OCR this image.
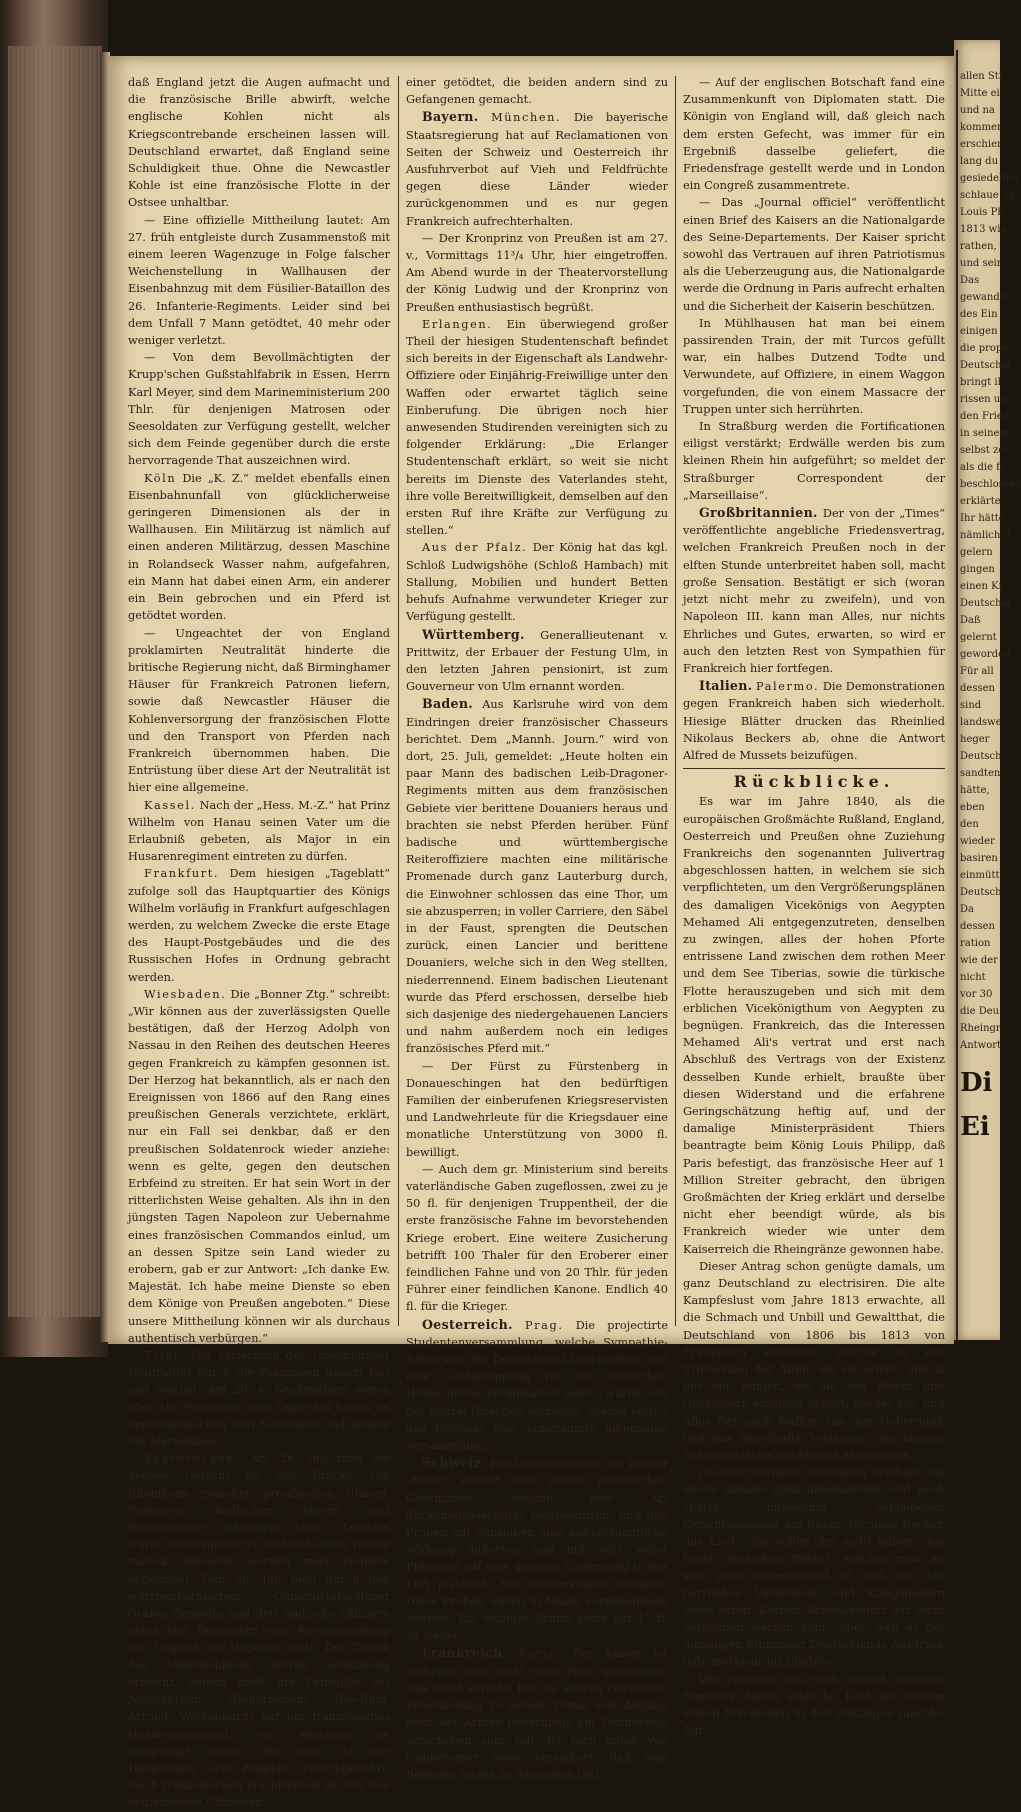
daß England jetzt die Augen aufmacht und die französische Brille abwirft, welche englische Kohlen nicht als Kriegscontrebande erscheinen lassen will. Deutschland erwartet, daß England seine Schuldigkeit thue. Ohne die Newcastler Kohle ist eine französische Flotte in der Ostsee unhaltbar.

— Eine offizielle Mittheilung lautet: Am 27. früh entgleiste durch Zusammenstoß mit einem leeren Wagenzuge in Folge falscher Weichenstellung in Wallhausen der Eisenbahnzug mit dem Füsilier-Bataillon des 26. Infanterie-Regiments. Leider sind bei dem Unfall 7 Mann getödtet, 40 mehr oder weniger verletzt.

— Von dem Bevollmächtigten der Krupp'schen Gußstahlfabrik in Essen, Herrn Karl Meyer, sind dem Marineministerium 200 Thlr. für denjenigen Matrosen oder Seesoldaten zur Verfügung gestellt, welcher sich dem Feinde gegenüber durch die erste hervorragende That auszeichnen wird.

Köln Die „K. Z.“ meldet ebenfalls einen Eisenbahnunfall von glücklicherweise geringeren Dimensionen als der in Wallhausen. Ein Militärzug ist nämlich auf einen anderen Militärzug, dessen Maschine in Rolandseck Wasser nahm, aufgefahren, ein Mann hat dabei einen Arm, ein anderer ein Bein gebrochen und ein Pferd ist getödtet worden.

— Ungeachtet der von England proklamirten Neutralität hinderte die britische Regierung nicht, daß Birminghamer Häuser für Frankreich Patronen liefern, sowie daß Newcastler Häuser die Kohlenversorgung der französischen Flotte und den Transport von Pferden nach Frankreich übernommen haben. Die Entrüstung über diese Art der Neutralität ist hier eine allgemeine.

Kassel. Nach der „Hess. M.-Z.“ hat Prinz Wilhelm von Hanau seinen Vater um die Erlaubniß gebeten, als Major in ein Husarenregiment eintreten zu dürfen.

Frankfurt. Dem hiesigen „Tageblatt“ zufolge soll das Hauptquartier des Königs Wilhelm vorläufig in Frankfurt aufgeschlagen werden, zu welchem Zwecke die erste Etage des Haupt-Postgebäudes und die des Russischen Hofes in Ordnung gebracht werden.

Wiesbaden. Die „Bonner Ztg.“ schreibt: „Wir können aus der zuverlässigsten Quelle bestätigen, daß der Herzog Adolph von Nassau in den Reihen des deutschen Heeres gegen Frankreich zu kämpfen gesonnen ist. Der Herzog hat bekanntlich, als er nach den Ereignissen von 1866 auf den Rang eines preußischen Generals verzichtete, erklärt, nur ein Fall sei denkbar, daß er den preußischen Soldatenrock wieder anziehe: wenn es gelte, gegen den deutschen Erbfeind zu streiten. Er hat sein Wort in der ritterlichsten Weise gehalten. Als ihn in den jüngsten Tagen Napoleon zur Uebernahme eines französischen Commandos einlud, um an dessen Spitze sein Land wieder zu erobern, gab er zur Antwort: „Ich danke Ew. Majestät. Ich habe meine Dienste so eben dem Könige von Preußen angeboten.“ Diese unsere Mittheilung können wir als durchaus authentisch verbürgen.“

Trier. Die Verletzung der Luxemburger Neutralität durch die Franzosen dauert fort und wächst. Am 26. v. Nachmittags waren über 100 Franzosen vom Lager bei Sierck im luxemburgischen Dorf Schlengen und sangen die Marseillaise.

Saarbrücken. Am 26. Juli fand ein kleines Gefecht an der Brücke von Rheinheim zwischen preußischen Ulanen, Pionieren, badischen Jägern und französischer Infanterie statt; Letztere wurde zurückgeworfen und ließ einen Todten zurück, diesseits wurden zwei Pioniere verwundet. Den 26. Juli fand durch den württembergischen Generalstabsoffizier Grafen Zeppelin und drei badische Offiziere nebst vier Dragonern eine Recognoscirung der Gegend um Hagenau statt. Der Zweck des Unternehmens wurde vollständig erreicht, jedoch stieß die Patrouille bei Niederbronn (Departement Bas-Rhin, Arrond. Weißenburg) auf ein französisches Husarenregiment, von welchem sie zersprengt wurde. Bis jetzt ist nur Hauptmann Graf Zeppelin zurückgekehrt. Nach französischen Nachrichten ist von den begleitenden Offizieren

einer getödtet, die beiden andern sind zu Gefangenen gemacht.

Bayern. München. Die bayerische Staatsregierung hat auf Reclamationen von Seiten der Schweiz und Oesterreich ihr Ausfuhrverbot auf Vieh und Feldfrüchte gegen diese Länder wieder zurückgenommen und es nur gegen Frankreich aufrechterhalten.

— Der Kronprinz von Preußen ist am 27. v., Vormittags 11³/₄ Uhr, hier eingetroffen. Am Abend wurde in der Theatervorstellung der König Ludwig und der Kronprinz von Preußen enthusiastisch begrüßt.

Erlangen. Ein überwiegend großer Theil der hiesigen Studentenschaft befindet sich bereits in der Eigenschaft als Landwehr-Offiziere oder Einjährig-Freiwillige unter den Waffen oder erwartet täglich seine Einberufung. Die übrigen noch hier anwesenden Studirenden vereinigten sich zu folgender Erklärung: „Die Erlanger Studentenschaft erklärt, so weit sie nicht bereits im Dienste des Vaterlandes steht, ihre volle Bereitwilligkeit, demselben auf den ersten Ruf ihre Kräfte zur Verfügung zu stellen.“

Aus der Pfalz. Der König hat das kgl. Schloß Ludwigshöhe (Schloß Hambach) mit Stallung, Mobilien und hundert Betten behufs Aufnahme verwundeter Krieger zur Verfügung gestellt.

Württemberg. Generallieutenant v. Prittwitz, der Erbauer der Festung Ulm, in den letzten Jahren pensionirt, ist zum Gouverneur von Ulm ernannt worden.

Baden. Aus Karlsruhe wird von dem Eindringen dreier französischer Chasseurs berichtet. Dem „Mannh. Journ.“ wird von dort, 25. Juli, gemeldet: „Heute holten ein paar Mann des badischen Leib-Dragoner-Regiments mitten aus dem französischen Gebiete vier berittene Douaniers heraus und brachten sie nebst Pferden herüber. Fünf badische und württembergische Reiteroffiziere machten eine militärische Promenade durch ganz Lauterburg durch, die Einwohner schlossen das eine Thor, um sie abzusperren; in voller Carriere, den Säbel in der Faust, sprengten die Deutschen zurück, einen Lancier und berittene Douaniers, welche sich in den Weg stellten, niederrennend. Einem badischen Lieutenant wurde das Pferd erschossen, derselbe hieb sich dasjenige des niedergehauenen Lanciers und nahm außerdem noch ein lediges französisches Pferd mit.“

— Der Fürst zu Fürstenberg in Donaueschingen hat den bedürftigen Familien der einberufenen Kriegsreservisten und Landwehrleute für die Kriegsdauer eine monatliche Unterstützung von 3000 fl. bewilligt.

— Auch dem gr. Ministerium sind bereits vaterländische Gaben zugeflossen, zwei zu je 50 fl. für denjenigen Truppentheil, der die erste französische Fahne im bevorstehenden Kriege erobert. Eine weitere Zusicherung betrifft 100 Thaler für den Eroberer einer feindlichen Fahne und von 20 Thlr. für jeden Führer einer feindlichen Kanone. Endlich 40 fl. für die Krieger.

Oesterreich. Prag. Die projectirte Studentenversammlung, welche Sympathie-Erklärung für Deutschland beschließen und eine Geldsammlung für die deutschen Hülfscomites veranstalten sollte, wurde von der Polizei-Direction verboten, ebenso verbot das Rectorat eine anberaumte allgemeine Versammlung.

Schweiz. Ein Correspondent des Berner „Bund“ erfährt von neuen preußischen Geschützen, welche eine Art Shrapnellsgeschütze repräsentiren, und daß Proben mit denselben eine außerordentliche Wirkung äußerten und mit sehr vieler Präcision auf eine gewisse Entfernung in der Luft platzend, 360 Flintenkugeln streuten. Diese Proben wären in Mainz vorgenommen worden. Ein einziger Schuß käme auf 17 fl. zu stehen.

Frankreich. Paris. Der Kaiser ist mehrere Tage nicht nach Paris gekommen, was nicht verfehlt hat, zu allerlei Gerüchten Veranlassung zu geben, zumal sein Abgang nach der Armee neuerdings auf Donnerstag verschoben sein soll. Es wird indeß von competenter Seite versichert, daß sein Befinden nichts zu wünschen läßt.

— Auf der englischen Botschaft fand eine Zusammenkunft von Diplomaten statt. Die Königin von England will, daß gleich nach dem ersten Gefecht, was immer für ein Ergebniß dasselbe geliefert, die Friedensfrage gestellt werde und in London ein Congreß zusammentrete.

— Das „Journal officiel“ veröffentlicht einen Brief des Kaisers an die Nationalgarde des Seine-Departements. Der Kaiser spricht sowohl das Vertrauen auf ihren Patriotismus als die Ueberzeugung aus, die Nationalgarde werde die Ordnung in Paris aufrecht erhalten und die Sicherheit der Kaiserin beschützen.

In Mühlhausen hat man bei einem passirenden Train, der mit Turcos gefüllt war, ein halbes Dutzend Todte und Verwundete, auf Offiziere, in einem Waggon vorgefunden, die von einem Massacre der Truppen unter sich herrührten.

In Straßburg werden die Fortificationen eiligst verstärkt; Erdwälle werden bis zum kleinen Rhein hin aufgeführt; so meldet der Straßburger Correspondent der „Marseillaise“.

Großbritannien. Der von der „Times“ veröffentlichte angebliche Friedensvertrag, welchen Frankreich Preußen noch in der elften Stunde unterbreitet haben soll, macht große Sensation. Bestätigt er sich (woran jetzt nicht mehr zu zweifeln), und von Napoleon III. kann man Alles, nur nichts Ehrliches und Gutes, erwarten, so wird er auch den letzten Rest von Sympathien für Frankreich hier fortfegen.

Italien. Palermo. Die Demonstrationen gegen Frankreich haben sich wiederholt. Hiesige Blätter drucken das Rheinlied Nikolaus Beckers ab, ohne die Antwort Alfred de Mussets beizufügen.

Rückblicke.

Es war im Jahre 1840, als die europäischen Großmächte Rußland, England, Oesterreich und Preußen ohne Zuziehung Frankreichs den sogenannten Julivertrag abgeschlossen hatten, in welchem sie sich verpflichteten, um den Vergrößerungsplänen des damaligen Vicekönigs von Aegypten Mehamed Ali entgegenzutreten, denselben zu zwingen, alles der hohen Pforte entrissene Land zwischen dem rothen Meer und dem See Tiberias, sowie die türkische Flotte herauszugeben und sich mit dem erblichen Vicekönigthum von Aegypten zu begnügen. Frankreich, das die Interessen Mehamed Ali's vertrat und erst nach Abschluß des Vertrags von der Existenz desselben Kunde erhielt, braußte über diesen Widerstand und die erfahrene Geringschätzung heftig auf, und der damalige Ministerpräsident Thiers beantragte beim König Louis Philipp, daß Paris befestigt, das französische Heer auf 1 Million Streiter gebracht, den übrigen Großmächten der Krieg erklärt und derselbe nicht eher beendigt würde, als bis Frankreich wieder wie unter dem Kaiserreich die Rheingränze gewonnen habe.

Dieser Antrag schon genügte damals, um ganz Deutschland zu electrisiren. Die alte Kampfeslust vom Jahre 1813 erwachte, all die Schmach und Unbill und Gewaltthat, die Deutschland von 1806 bis 1813 von Frankreich erfahren, wachte in der Erinnerung der Alten, die sie erlebt, und in der der Jungen, die sie von Vätern und Großvätern erzählen gehört, wieder auf, und Alles rief nach Waffen, um den Uebermuth und das frevelhafte Verlangen des kleinen Schreiministers gebührend abzuweisen.

In dieser erregten Stimmung erschien von einem damals ganz unbekannten und auch später unbekannt gebliebenen Gerichtsassessor am Rhein, Nicolaus Becker, das Lied: „Sie sollen ihn nicht haben, den freien deutschen Rhein“, welches zwar an sich ganz unbedeutend ist und mit den herrlichen Vaterlands- und Kriegsliedern eines Arndt, Körner, Schenkendorf gar nicht verglichen werden kann, aber, weil es der damaligen Stimmung Deutschlands Ausdruck gab, merkwürdig zündete.

Wir erinnern uns noch lebhaft, welchen Eindruck dieses einfache Lied bei seinem ersten Erscheinen in den Zeitungen machte. Auf

allen Sti
Mitte ei
und na
kommen,
erschien
lang du
gesiedelten
schlaue un
Louis Ph
1813 wie
rathen,
und sein
Das
gewandte
des Ein
einigen
die propo
Deutschla
bringt ih
rissen un
den Fried
in seinem
selbst zer
als die fr
beschlossen
erklärte.
Ihr hätte
nämlich d
gelern
gingen
einen Kr
Deutschla
Daß
gelernt
geworden
Für all
dessen
sind
landswe
heger
Deutsch
sandten
hätte,
eben
den
wieder
basiren
einmütt
Deutsch
Da
dessen
ration
wie der
nicht
vor 30
die Deu
Rheingr
Antwort
Di
Ei
